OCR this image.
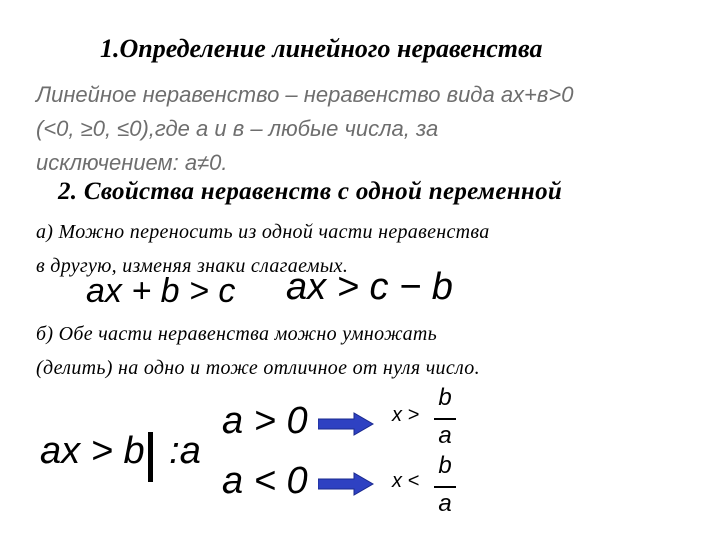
1.Определение линейного неравенства
Линейное неравенство – неравенство вида ах+в>0
(<0, ≥0, ≤0),где а и в – любые числа, за
исключением: а≠0.
2. Свойства неравенств с одной переменной
а) Можно переносить из одной части неравенства
в другую, изменяя знаки слагаемых.
ax + b > c ax > c − b
б) Обе части неравенства можно умножать
(делить) на одно и тоже отличное от нуля число.
ax > b :a
a > 0
a < 0
x >
b
a
x <
b
a
